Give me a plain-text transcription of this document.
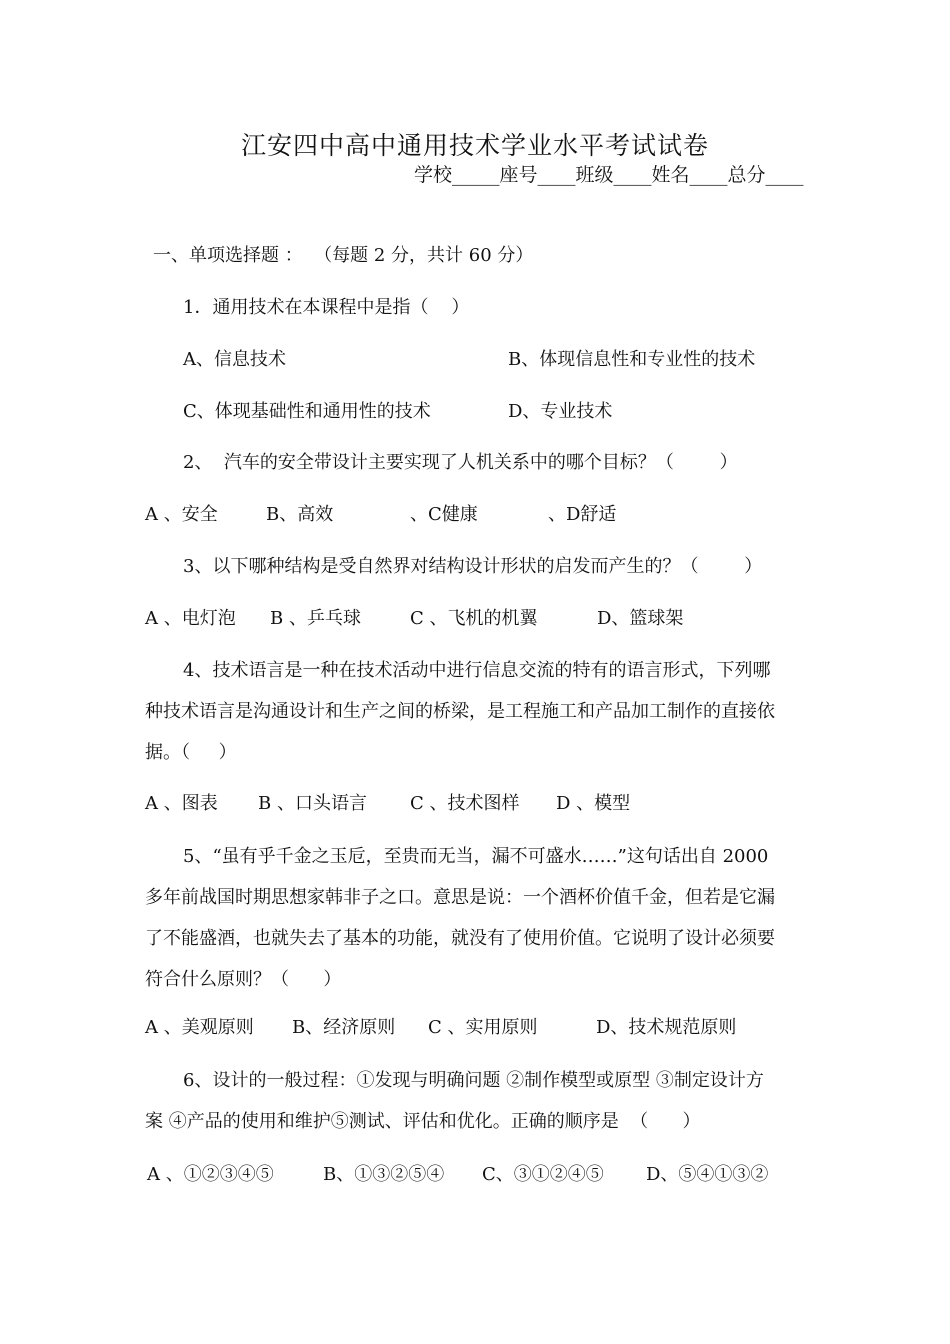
江安四中高中通用技术学业水平考试试卷
学校_____座号____班级____姓名____总分____
一、单项选择题 ：  （每题 2 分，共计 60 分）
1．通用技术在本课程中是指（    ）
A、信息技术	B、体现信息性和专业性的技术
C、体现基础性和通用性的技术	D、专业技术
2、  汽车的安全带设计主要实现了人机关系中的哪个目标？（        ）
A 、安全	B、高效	、C健康	、D舒适
3、以下哪种结构是受自然界对结构设计形状的启发而产生的？（        ）
A 、电灯泡 B 、乒乓球	C 、飞机的机翼	D、篮球架
4、技术语言是一种在技术活动中进行信息交流的特有的语言形式，下列哪
种技术语言是沟通设计和生产之间的桥梁，是工程施工和产品加工制作的直接依
据。（     ）
A 、图表 B 、口头语言 C 、技术图样 D 、模型
5、“虽有乎千金之玉卮，至贵而无当，漏不可盛水……”这句话出自 2000
多年前战国时期思想家韩非子之口。意思是说：一个酒杯价值千金，但若是它漏
了不能盛酒，也就失去了基本的功能，就没有了使用价值。它说明了设计必须要
符合什么原则？（      ）
A 、美观原则 B、经济原则 C 、实用原则	D、技术规范原则
6、设计的一般过程：①发现与明确问题 ②制作模型或原型 ③制定设计方
案 ④产品的使用和维护⑤测试、评估和优化。正确的顺序是  （      ）
A 、①②③④⑤	B、①③②⑤④ C、③①②④⑤ D、⑤④①③②
